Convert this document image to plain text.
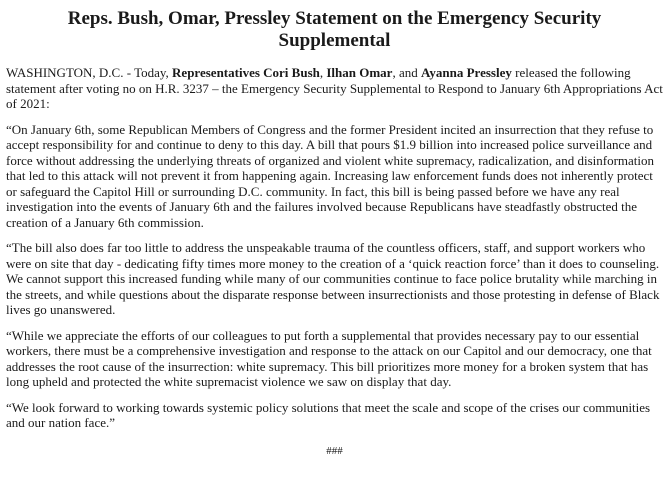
Reps. Bush, Omar, Pressley Statement on the Emergency Security Supplemental

WASHINGTON, D.C. - Today, Representatives Cori Bush, Ilhan Omar, and Ayanna Pressley released the following statement after voting no on H.R. 3237 – the Emergency Security Supplemental to Respond to January 6th Appropriations Act of 2021:

“On January 6th, some Republican Members of Congress and the former President incited an insurrection that they refuse to accept responsibility for and continue to deny to this day. A bill that pours $1.9 billion into increased police surveillance and force without addressing the underlying threats of organized and violent white supremacy, radicalization, and disinformation that led to this attack will not prevent it from happening again. Increasing law enforcement funds does not inherently protect or safeguard the Capitol Hill or surrounding D.C. community. In fact, this bill is being passed before we have any real investigation into the events of January 6th and the failures involved because Republicans have steadfastly obstructed the creation of a January 6th commission.

“The bill also does far too little to address the unspeakable trauma of the countless officers, staff, and support workers who were on site that day - dedicating fifty times more money to the creation of a ‘quick reaction force’ than it does to counseling. We cannot support this increased funding while many of our communities continue to face police brutality while marching in the streets, and while questions about the disparate response between insurrectionists and those protesting in defense of Black lives go unanswered.

“While we appreciate the efforts of our colleagues to put forth a supplemental that provides necessary pay to our essential workers, there must be a comprehensive investigation and response to the attack on our Capitol and our democracy, one that addresses the root cause of the insurrection: white supremacy. This bill prioritizes more money for a broken system that has long upheld and protected the white supremacist violence we saw on display that day.

“We look forward to working towards systemic policy solutions that meet the scale and scope of the crises our communities and our nation face.”

###
